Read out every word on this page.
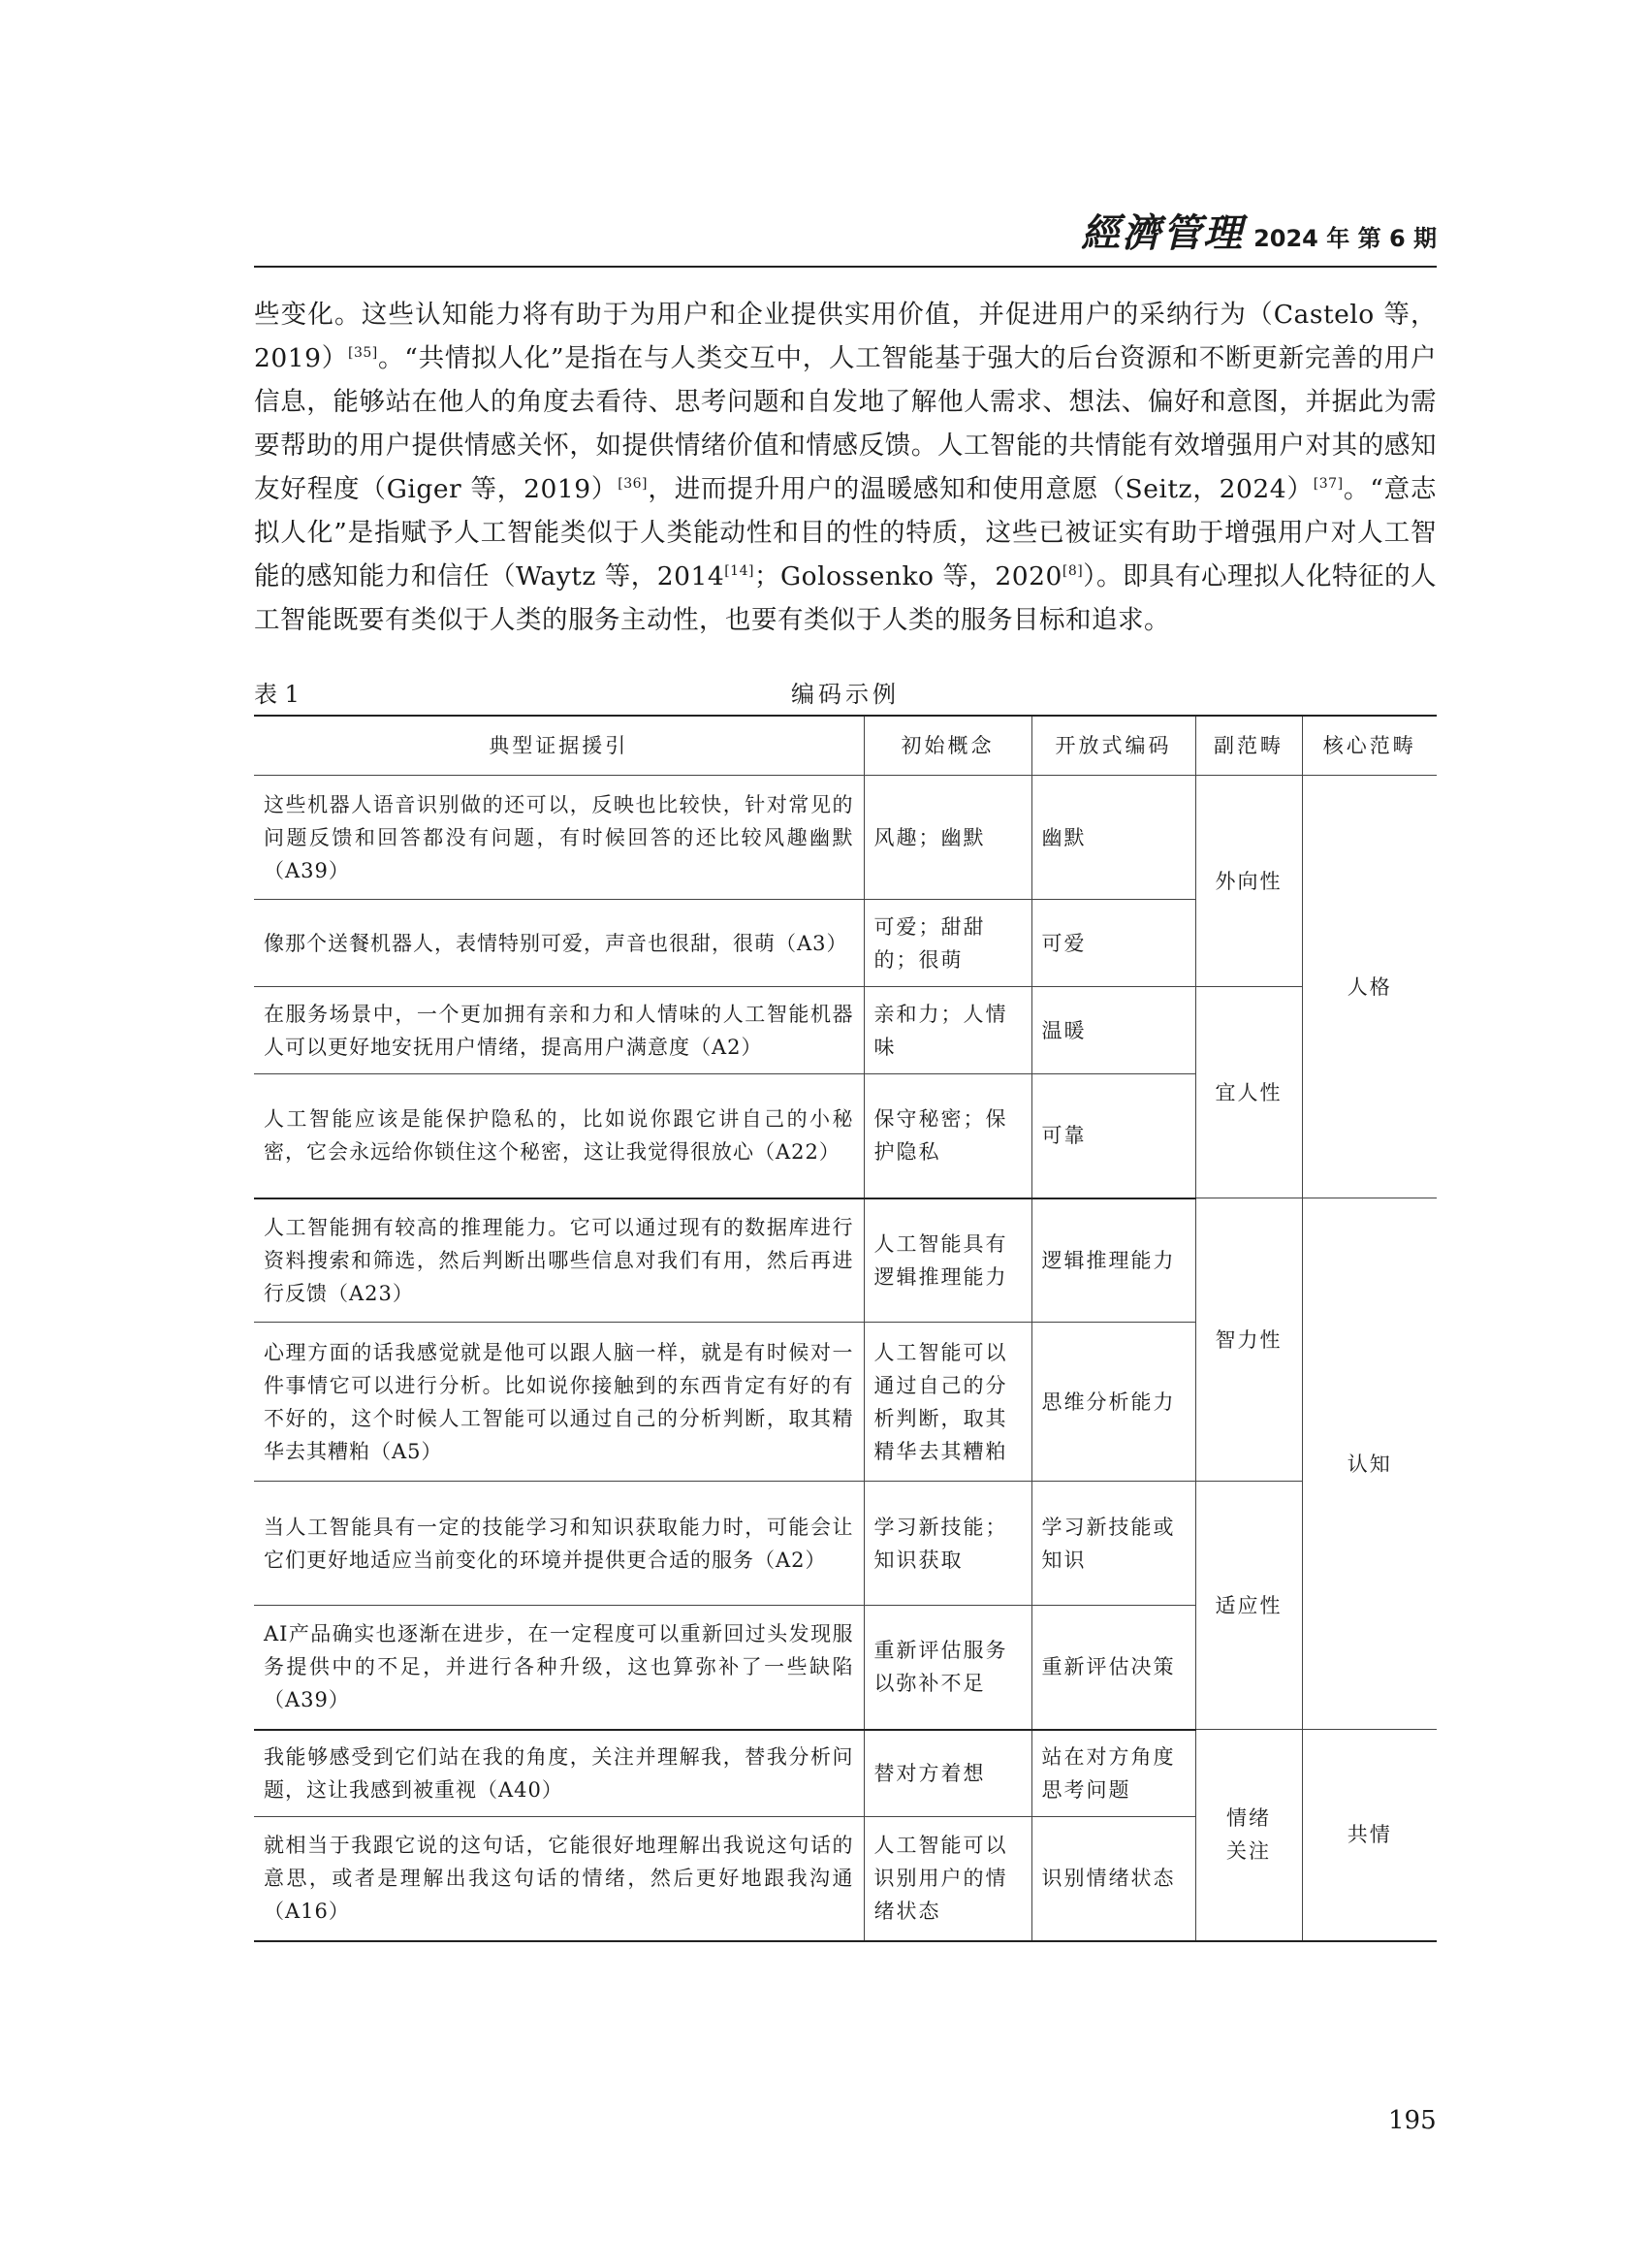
經濟管理 2024 年 第 6 期

些变化。这些认知能力将有助于为用户和企业提供实用价值，并促进用户的采纳行为（Castelo 等，2019）[35]。“共情拟人化”是指在与人类交互中，人工智能基于强大的后台资源和不断更新完善的用户信息，能够站在他人的角度去看待、思考问题和自发地了解他人需求、想法、偏好和意图，并据此为需要帮助的用户提供情感关怀，如提供情绪价值和情感反馈。人工智能的共情能有效增强用户对其的感知友好程度（Giger 等，2019）[36]，进而提升用户的温暖感知和使用意愿（Seitz，2024）[37]。“意志拟人化”是指赋予人工智能类似于人类能动性和目的性的特质，这些已被证实有助于增强用户对人工智能的感知能力和信任（Waytz 等，2014[14]；Golossenko 等，2020[8]）。即具有心理拟人化特征的人工智能既要有类似于人类的服务主动性，也要有类似于人类的服务目标和追求。

表 1	编码示例
典型证据援引	初始概念	开放式编码	副范畴	核心范畴
这些机器人语音识别做的还可以，反映也比较快，针对常见的问题反馈和回答都没有问题，有时候回答的还比较风趣幽默（A39）	风趣；幽默	幽默	外向性	人格
像那个送餐机器人，表情特别可爱，声音也很甜，很萌（A3）	可爱；甜甜的；很萌	可爱		
在服务场景中，一个更加拥有亲和力和人情味的人工智能机器人可以更好地安抚用户情绪，提高用户满意度（A2）	亲和力；人情味	温暖	宜人性	
人工智能应该是能保护隐私的，比如说你跟它讲自己的小秘密，它会永远给你锁住这个秘密，这让我觉得很放心（A22）	保守秘密；保护隐私	可靠		
人工智能拥有较高的推理能力。它可以通过现有的数据库进行资料搜索和筛选，然后判断出哪些信息对我们有用，然后再进行反馈（A23）	人工智能具有逻辑推理能力	逻辑推理能力	智力性	认知
心理方面的话我感觉就是他可以跟人脑一样，就是有时候对一件事情它可以进行分析。比如说你接触到的东西肯定有好的有不好的，这个时候人工智能可以通过自己的分析判断，取其精华去其糟粕（A5）	人工智能可以通过自己的分析判断，取其精华去其糟粕	思维分析能力		
当人工智能具有一定的技能学习和知识获取能力时，可能会让它们更好地适应当前变化的环境并提供更合适的服务（A2）	学习新技能；知识获取	学习新技能或知识	适应性	
AI产品确实也逐渐在进步，在一定程度可以重新回过头发现服务提供中的不足，并进行各种升级，这也算弥补了一些缺陷（A39）	重新评估服务以弥补不足	重新评估决策		
我能够感受到它们站在我的角度，关注并理解我，替我分析问题，这让我感到被重视（A40）	替对方着想	站在对方角度思考问题	情绪关注	共情
就相当于我跟它说的这句话，它能很好地理解出我说这句话的意思，或者是理解出我这句话的情绪，然后更好地跟我沟通（A16）	人工智能可以识别用户的情绪状态	识别情绪状态		
195
